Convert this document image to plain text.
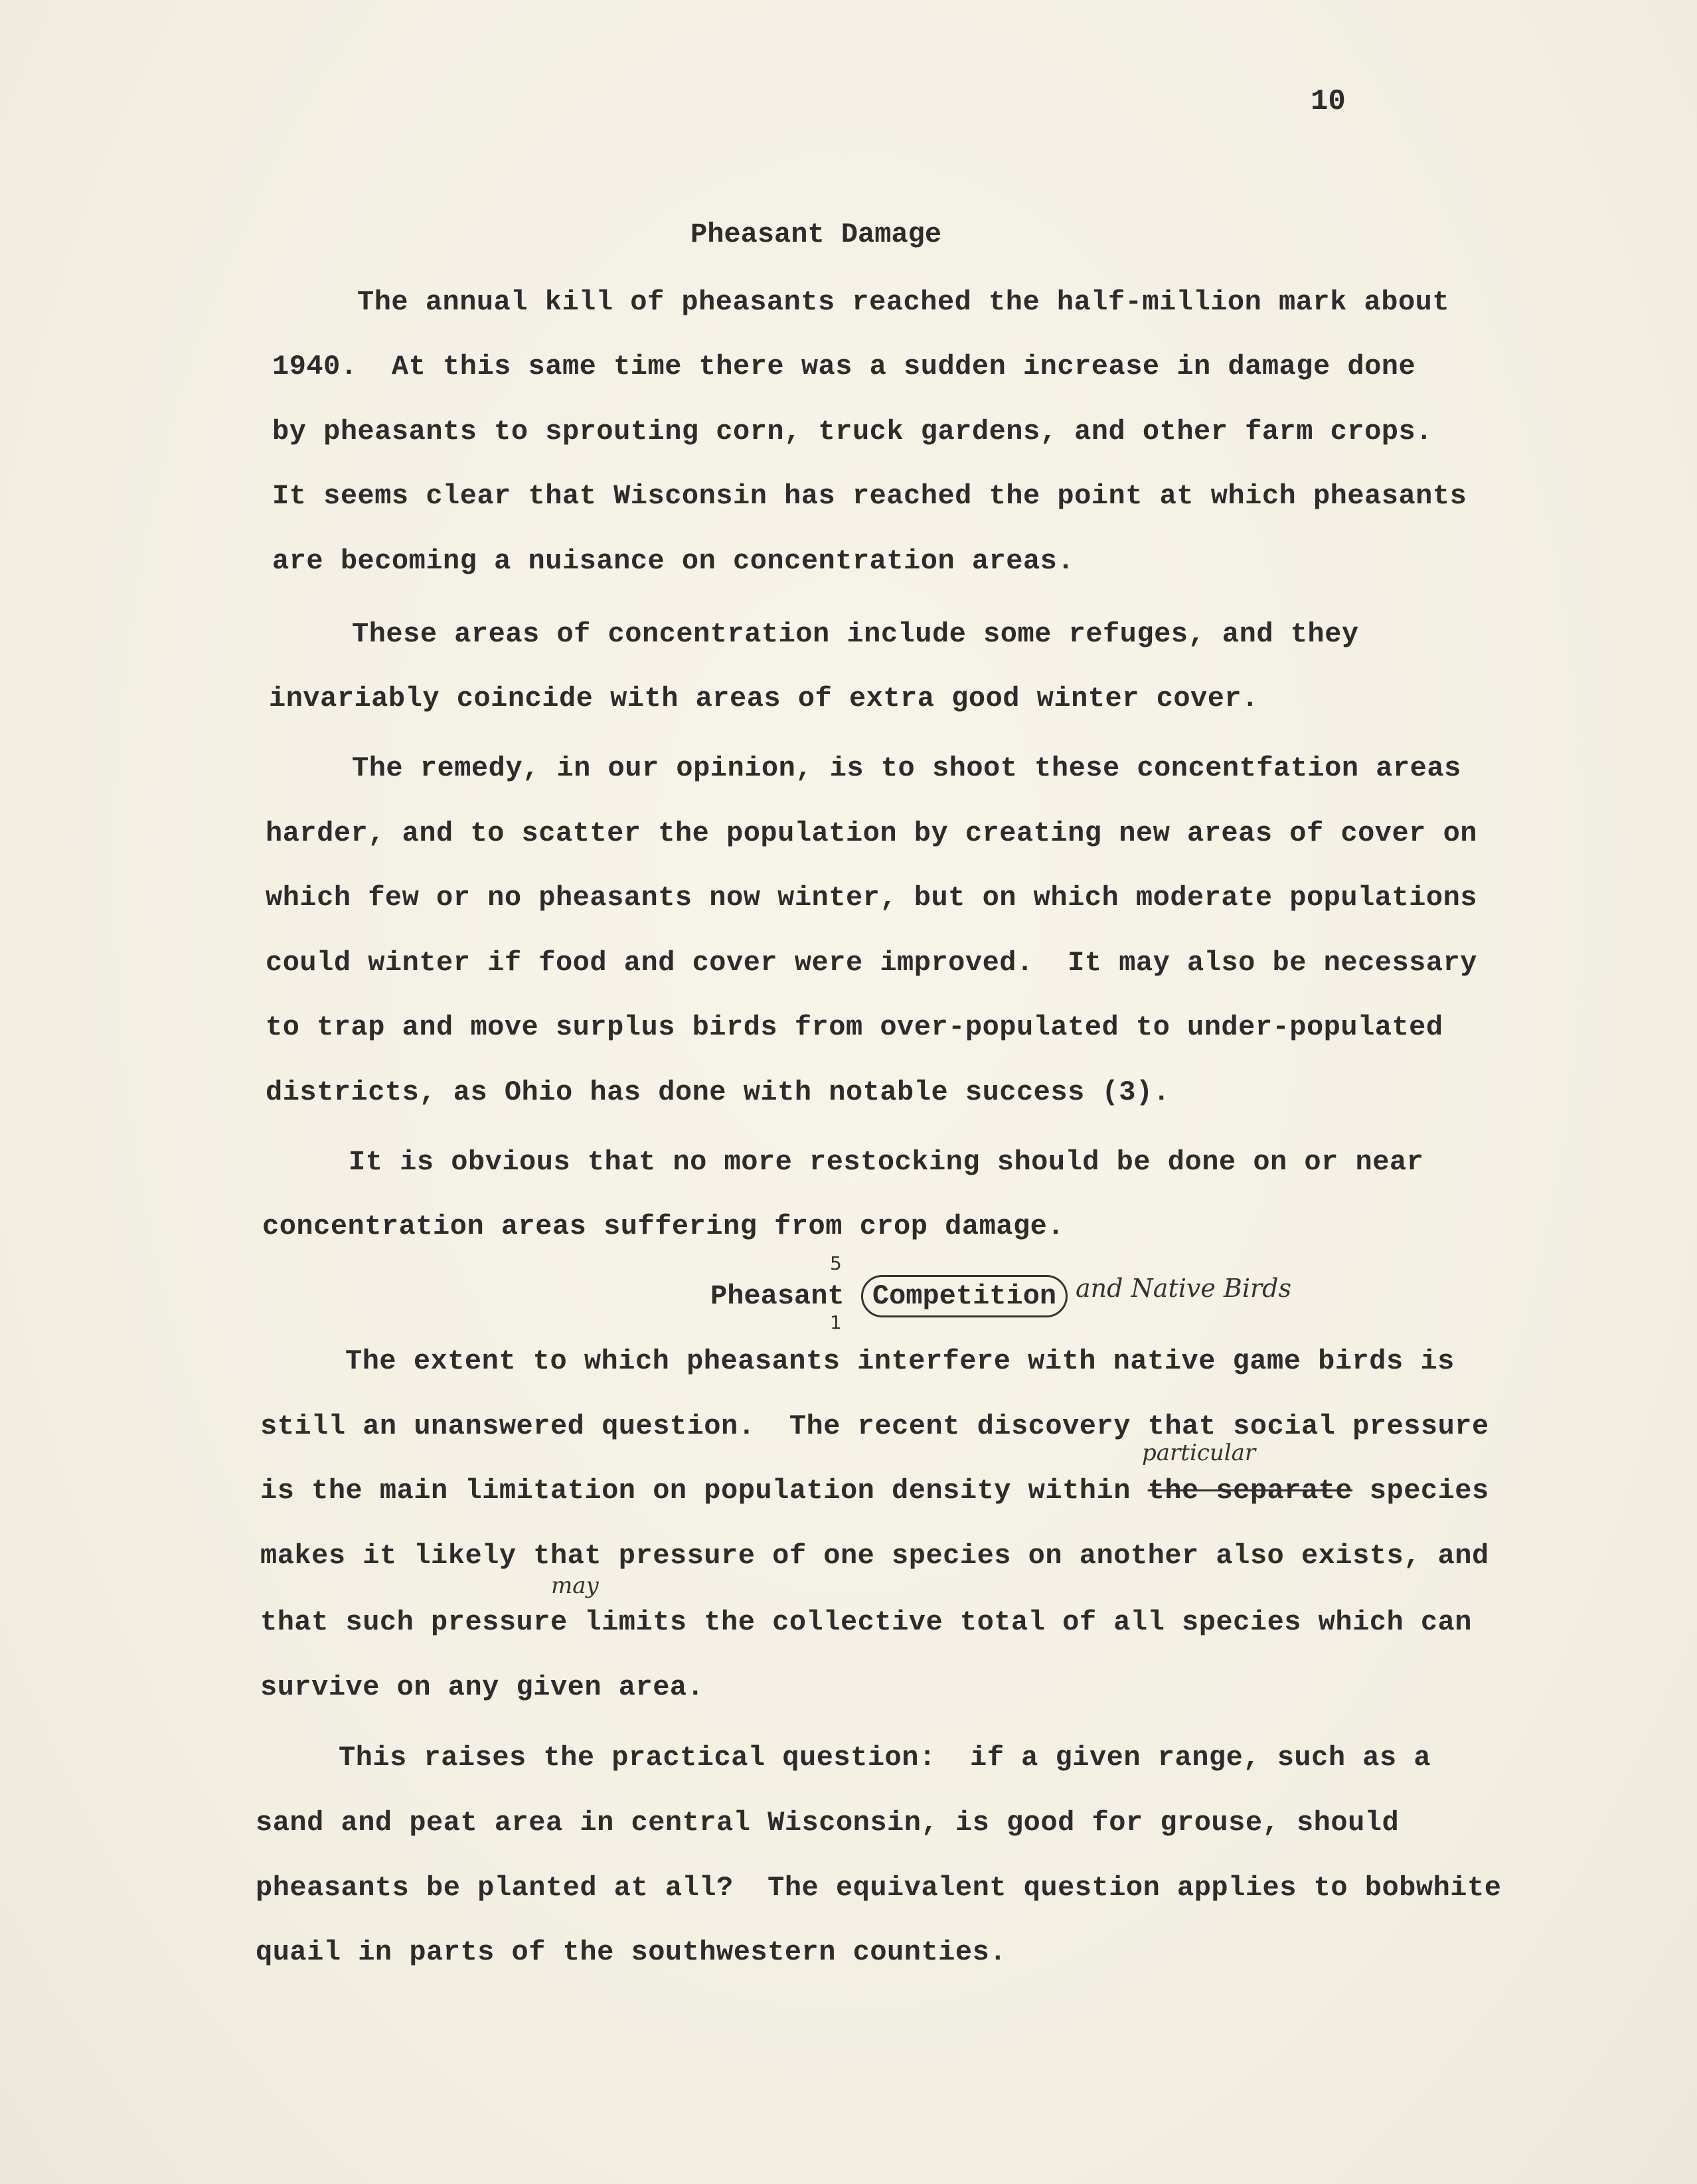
10
Pheasant Damage
The annual kill of pheasants reached the half-million mark about
1940.  At this same time there was a sudden increase in damage done
by pheasants to sprouting corn, truck gardens, and other farm crops.
It seems clear that Wisconsin has reached the point at which pheasants
are becoming a nuisance on concentration areas.
These areas of concentration include some refuges, and they
invariably coincide with areas of extra good winter cover.
The remedy, in our opinion, is to shoot these concentfation areas
harder, and to scatter the population by creating new areas of cover on
which few or no pheasants now winter, but on which moderate populations
could winter if food and cover were improved.  It may also be necessary
to trap and move surplus birds from over-populated to under-populated
districts, as Ohio has done with notable success (3).
It is obvious that no more restocking should be done on or near
concentration areas suffering from crop damage.
5
Pheasant Competition
1
and Native Birds
The extent to which pheasants interfere with native game birds is
still an unanswered question.  The recent discovery that social pressure
particular
is the main limitation on population density within the separate species
makes it likely that pressure of one species on another also exists, and
may
that such pressure limits the collective total of all species which can
survive on any given area.
This raises the practical question:  if a given range, such as a
sand and peat area in central Wisconsin, is good for grouse, should
pheasants be planted at all?  The equivalent question applies to bobwhite
quail in parts of the southwestern counties.
